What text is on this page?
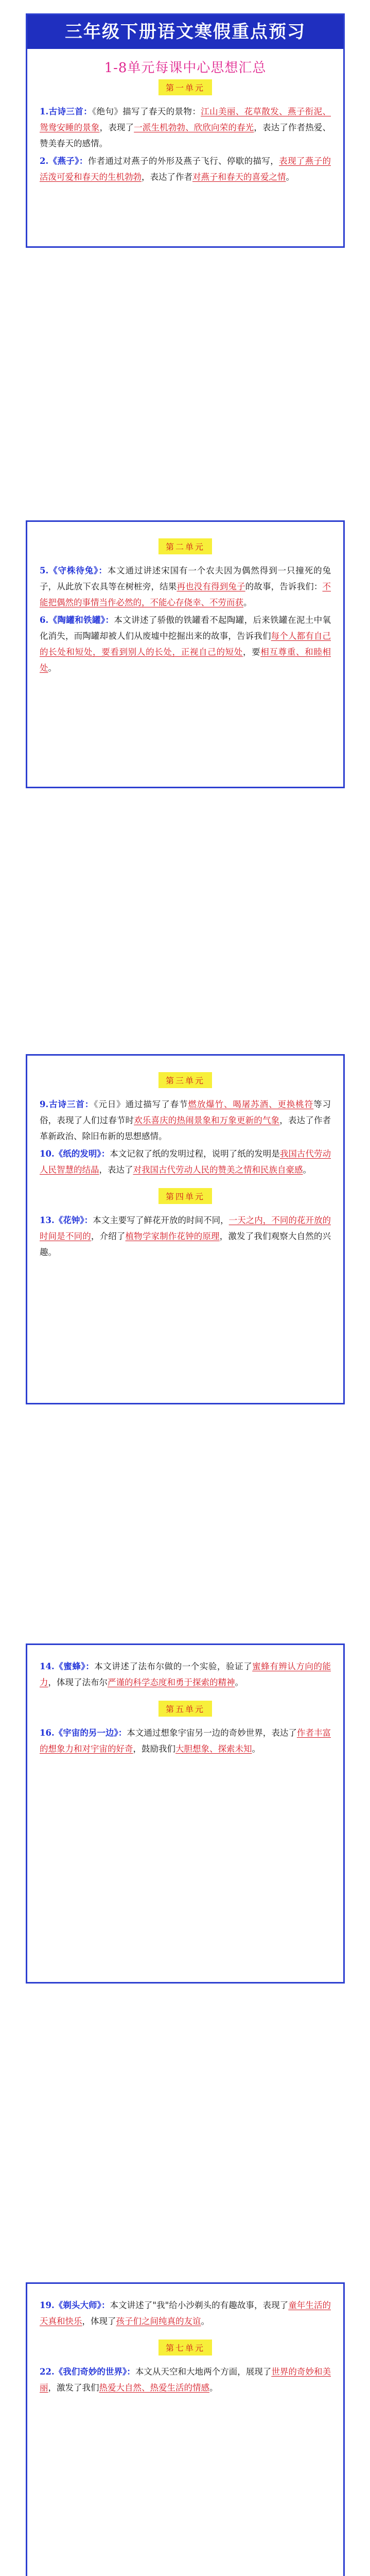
三年级下册语文寒假重点预习
1-8单元每课中心思想汇总
第一单元

1.古诗三首：《绝句》描写了春天的景物：江山美丽、花草散发、燕子衔泥、鸳鸯安睡的景象，表现了一派生机勃勃、欣欣向荣的春光，表达了作者热爱、赞美春天的感情。

2.《燕子》：作者通过对燕子的外形及燕子飞行、停歇的描写，表现了燕子的活泼可爱和春天的生机勃勃，表达了作者对燕子和春天的喜爱之情。

第二单元

5.《守株待兔》：本文通过讲述宋国有一个农夫因为偶然得到一只撞死的兔子，从此放下农具等在树桩旁，结果再也没有得到兔子的故事，告诉我们：不能把偶然的事情当作必然的，不能心存侥幸、不劳而获。

6.《陶罐和铁罐》：本文讲述了骄傲的铁罐看不起陶罐，后来铁罐在泥土中氧化消失，而陶罐却被人们从废墟中挖掘出来的故事，告诉我们每个人都有自己的长处和短处，要看到别人的长处，正视自己的短处，要相互尊重、和睦相处。

第三单元

9.古诗三首：《元日》通过描写了春节燃放爆竹、喝屠苏酒、更换桃符等习俗，表现了人们过春节时欢乐喜庆的热闹景象和万象更新的气象，表达了作者革新政治、除旧布新的思想感情。

10.《纸的发明》：本文记叙了纸的发明过程，说明了纸的发明是我国古代劳动人民智慧的结晶，表达了对我国古代劳动人民的赞美之情和民族自豪感。

第四单元

13.《花钟》：本文主要写了鲜花开放的时间不同，一天之内，不同的花开放的时间是不同的，介绍了植物学家制作花钟的原理，激发了我们观察大自然的兴趣。

14.《蜜蜂》：本文讲述了法布尔做的一个实验，验证了蜜蜂有辨认方向的能力，体现了法布尔严谨的科学态度和勇于探索的精神。

第五单元

16.《宇宙的另一边》：本文通过想象宇宙另一边的奇妙世界，表达了作者丰富的想象力和对宇宙的好奇，鼓励我们大胆想象、探索未知。

19.《剃头大师》：本文讲述了"我"给小沙剃头的有趣故事，表现了童年生活的天真和快乐，体现了孩子们之间纯真的友谊。

第七单元

22.《我们奇妙的世界》：本文从天空和大地两个方面，展现了世界的奇妙和美丽，激发了我们热爱大自然、热爱生活的情感。
